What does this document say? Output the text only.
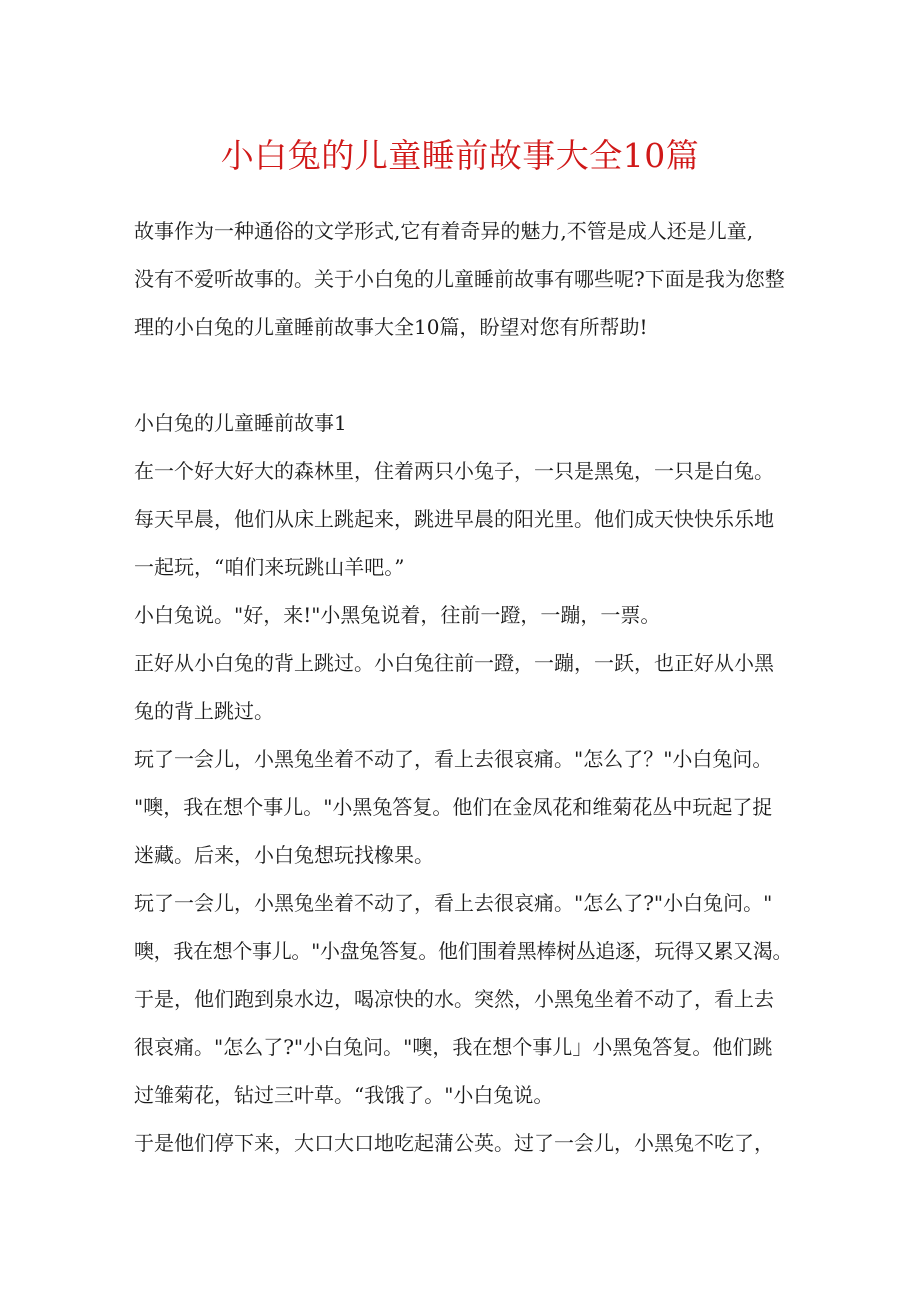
小白兔的儿童睡前故事大全10篇
故事作为一种通俗的文学形式,它有着奇异的魅力,不管是成人还是儿童,
没有不爱听故事的。关于小白兔的儿童睡前故事有哪些呢?下面是我为您整
理的小白兔的儿童睡前故事大全10篇，盼望对您有所帮助!
小白兔的儿童睡前故事1
在一个好大好大的森林里，住着两只小兔子，一只是黑兔，一只是白兔。
每天早晨，他们从床上跳起来，跳进早晨的阳光里。他们成天快快乐乐地
一起玩，“咱们来玩跳山羊吧。”
小白兔说。"好，来!"小黑兔说着，往前一蹬，一蹦，一票。
正好从小白兔的背上跳过。小白兔往前一蹬，一蹦，一跃，也正好从小黑
兔的背上跳过。
玩了一会儿，小黑兔坐着不动了，看上去很哀痛。"怎么了？"小白兔问。
"噢，我在想个事儿。"小黑兔答复。他们在金凤花和维菊花丛中玩起了捉
迷藏。后来，小白兔想玩找橡果。
玩了一会儿，小黑兔坐着不动了，看上去很哀痛。"怎么了?"小白兔问。"
噢，我在想个事儿。"小盘兔答复。他们围着黑棒树丛追逐，玩得又累又渴。
于是，他们跑到泉水边，喝凉快的水。突然，小黑兔坐着不动了，看上去
很哀痛。"怎么了?"小白兔问。"噢，我在想个事儿」小黑兔答复。他们跳
过雏菊花，钻过三叶草。“我饿了。"小白兔说。
于是他们停下来，大口大口地吃起蒲公英。过了一会儿，小黑兔不吃了，
